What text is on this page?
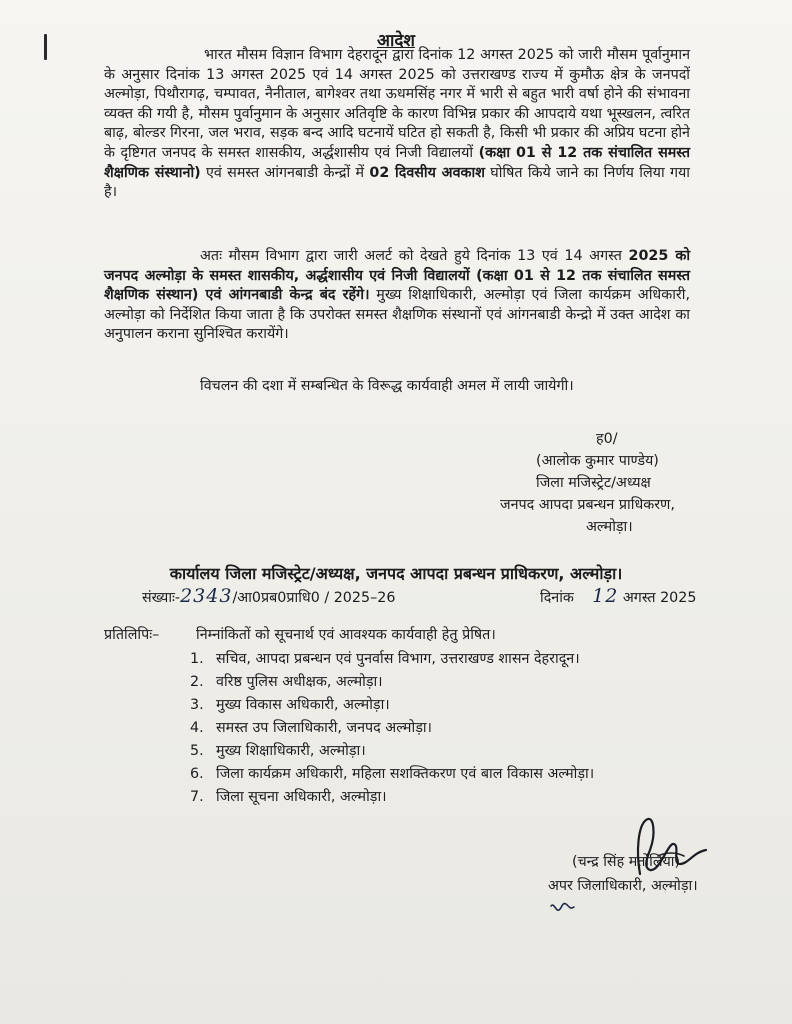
आदेश

भारत मौसम विज्ञान विभाग देहरादून द्वारा दिनांक 12 अगस्त 2025 को जारी मौसम पूर्वानुमान के अनुसार दिनांक 13 अगस्त 2025 एवं 14 अगस्त 2025 को उत्तराखण्ड राज्य में कुमौऊ क्षेत्र के जनपदों अल्मोड़ा, पिथौरागढ़, चम्पावत, नैनीताल, बागेश्वर तथा ऊधमसिंह नगर में भारी से बहुत भारी वर्षा होने की संभावना व्यक्त की गयी है, मौसम पुर्वानुमान के अनुसार अतिवृष्टि के कारण विभिन्न प्रकार की आपदाये यथा भूस्खलन, त्वरित बाढ़, बोल्डर गिरना, जल भराव, सड़क बन्द आदि घटनायें घटित हो सकती है, किसी भी प्रकार की अप्रिय घटना होने के दृष्टिगत जनपद के समस्त शासकीय, अर्द्धशासीय एवं निजी विद्यालयों (कक्षा 01 से 12 तक संचालित समस्त शैक्षणिक संस्थानो) एवं समस्त आंगनबाडी केन्द्रों में 02 दिवसीय अवकाश घोषित किये जाने का निर्णय लिया गया है।

अतः मौसम विभाग द्वारा जारी अलर्ट को देखते हुये दिनांक 13 एवं 14 अगस्त 2025 को जनपद अल्मोड़ा के समस्त शासकीय, अर्द्धशासीय एवं निजी विद्यालयों (कक्षा 01 से 12 तक संचालित समस्त शैक्षणिक संस्थान) एवं आंगनबाडी केन्द्र बंद रहेंगे। मुख्य शिक्षाधिकारी, अल्मोड़ा एवं जिला कार्यक्रम अधिकारी, अल्मोड़ा को निर्देशित किया जाता है कि उपरोक्त समस्त शैक्षणिक संस्थानों एवं आंगनबाडी केन्द्रो में उक्त आदेश का अनुपालन कराना सुनिश्चित करायेंगे।

विचलन की दशा में सम्बन्धित के विरूद्ध कार्यवाही अमल में लायी जायेगी।

ह0/
(आलोक कुमार पाण्डेय)
जिला मजिस्ट्रेट/अध्यक्ष
जनपद आपदा प्रबन्धन प्राधिकरण,
अल्मोड़ा।
कार्यालय जिला मजिस्ट्रेट/अध्यक्ष, जनपद आपदा प्रबन्धन प्राधिकरण, अल्मोड़ा।
संख्याः-2343/आ0प्रब0प्राधि0 / 2025–26	दिनांक 12 अगस्त 2025
प्रतिलिपिः–	निम्नांकितों को सूचनार्थ एवं आवश्यक कार्यवाही हेतु प्रेषित।
1. सचिव, आपदा प्रबन्धन एवं पुनर्वास विभाग, उत्तराखण्ड शासन देहरादून।
2. वरिष्ठ पुलिस अधीक्षक, अल्मोड़ा।
3. मुख्य विकास अधिकारी, अल्मोड़ा।
4. समस्त उप जिलाधिकारी, जनपद अल्मोड़ा।
5. मुख्य शिक्षाधिकारी, अल्मोड़ा।
6. जिला कार्यक्रम अधिकारी, महिला सशक्तिकरण एवं बाल विकास अल्मोड़ा।
7. जिला सूचना अधिकारी, अल्मोड़ा।
(चन्द्र सिंह मर्तोलिया)
अपर जिलाधिकारी, अल्मोड़ा।
